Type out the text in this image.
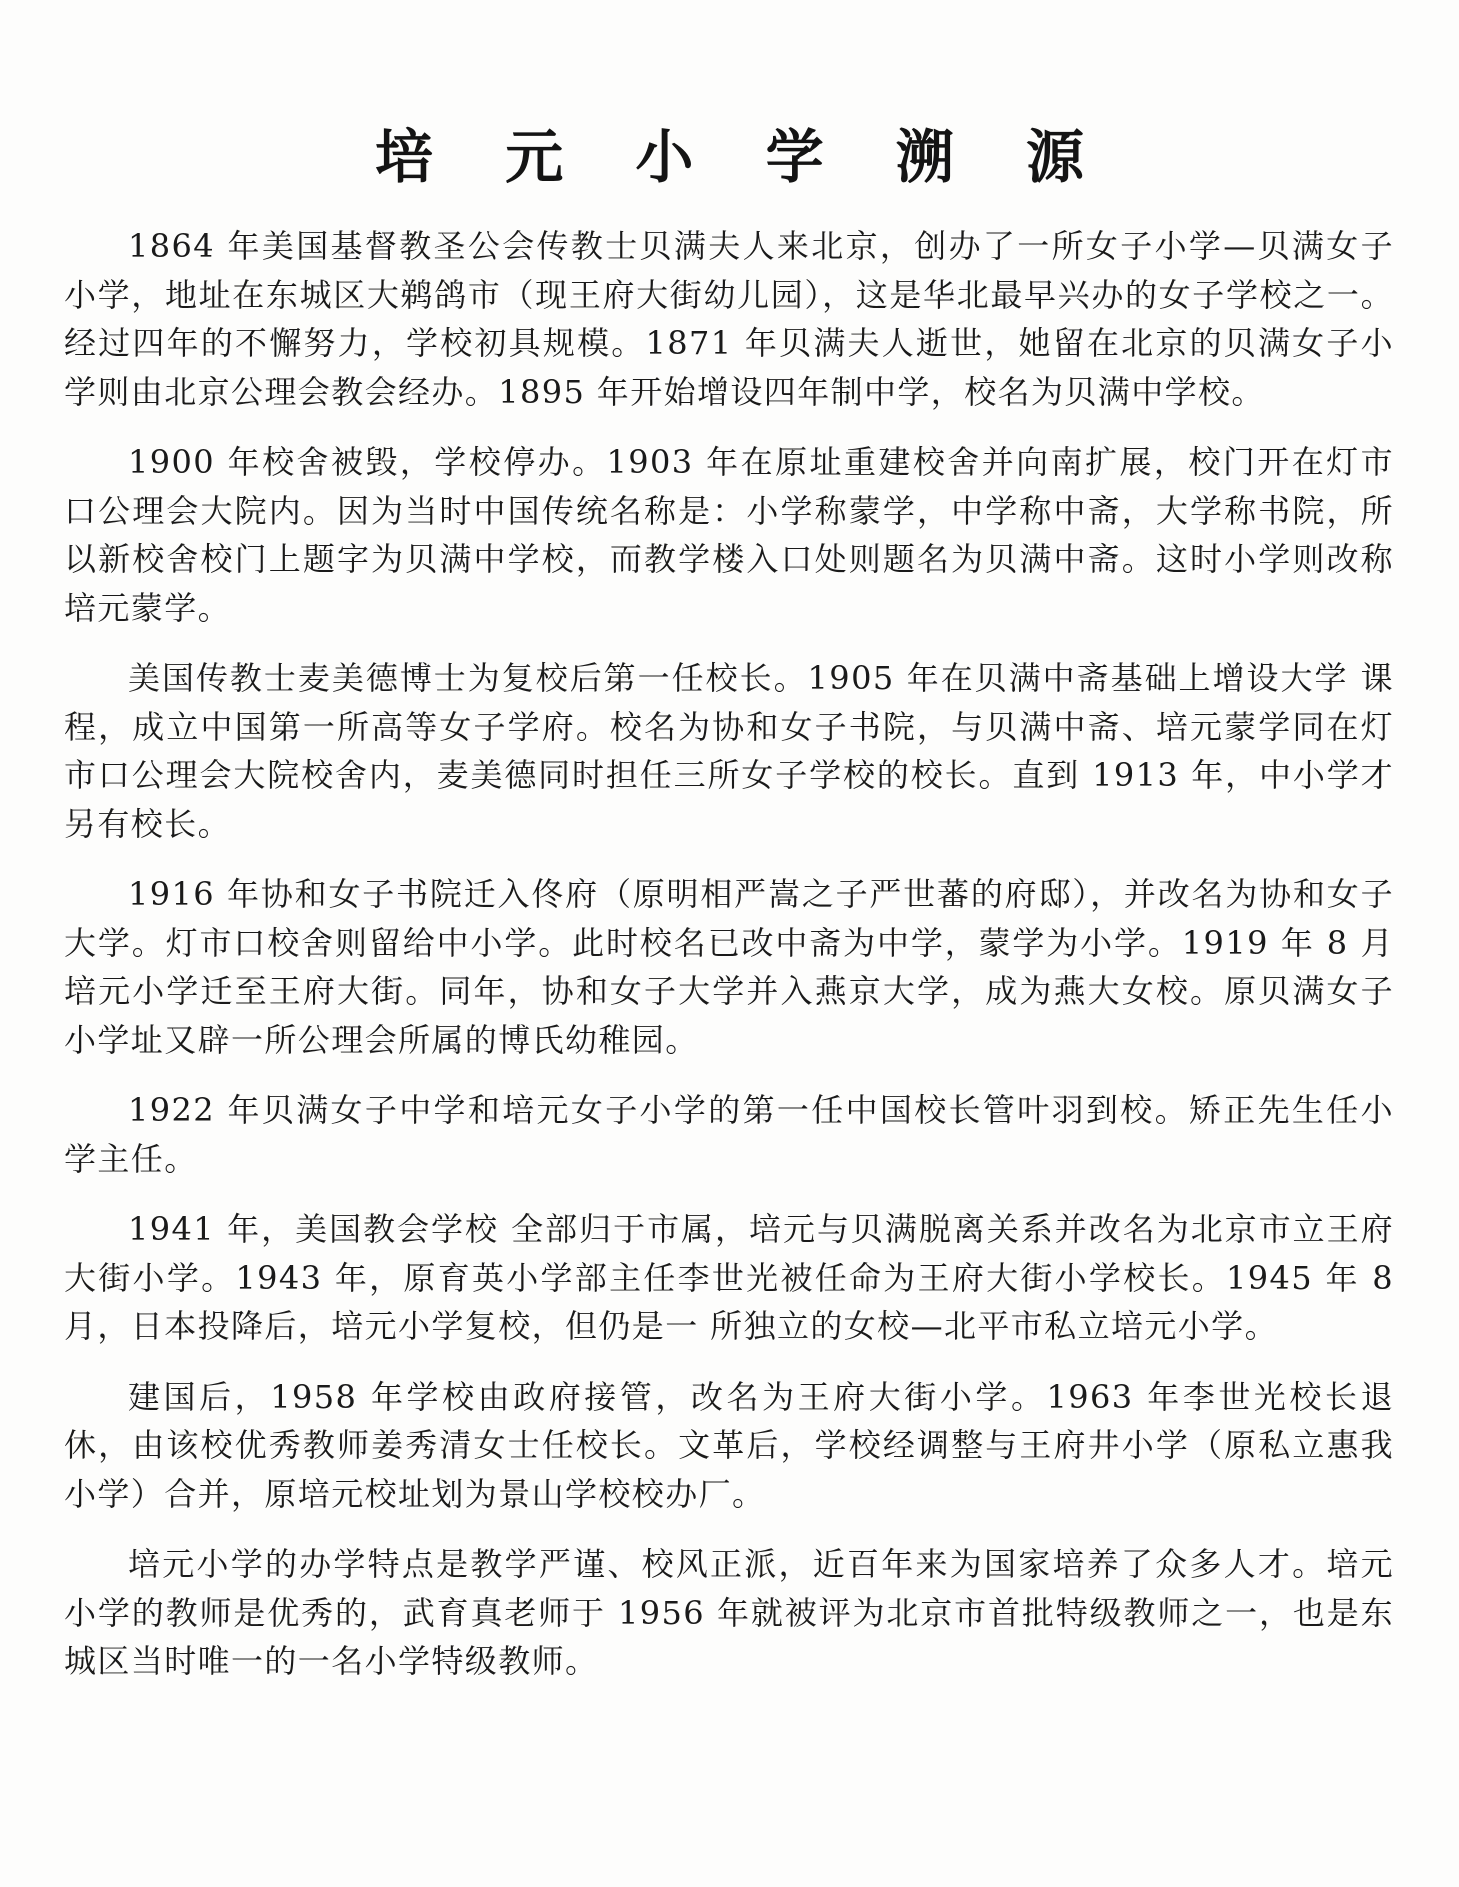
培 元 小 学 溯 源

1864 年美国基督教圣公会传教士贝满夫人来北京，创办了一所女子小学—贝满女子小学，地址在东城区大鹈鸽市（现王府大街幼儿园），这是华北最早兴办的女子学校之一。经过四年的不懈努力，学校初具规模。1871 年贝满夫人逝世，她留在北京的贝满女子小学则由北京公理会教会经办。1895 年开始增设四年制中学，校名为贝满中学校。

1900 年校舍被毁，学校停办。1903 年在原址重建校舍并向南扩展，校门开在灯市口公理会大院内。因为当时中国传统名称是：小学称蒙学，中学称中斋，大学称书院，所以新校舍校门上题字为贝满中学校，而教学楼入口处则题名为贝满中斋。这时小学则改称培元蒙学。

美国传教士麦美德博士为复校后第一任校长。1905 年在贝满中斋基础上增设大学 课程，成立中国第一所高等女子学府。校名为协和女子书院，与贝满中斋、培元蒙学同在灯市口公理会大院校舍内，麦美德同时担任三所女子学校的校长。直到 1913 年，中小学才另有校长。

1916 年协和女子书院迁入佟府（原明相严嵩之子严世蕃的府邸），并改名为协和女子大学。灯市口校舍则留给中小学。此时校名已改中斋为中学，蒙学为小学。1919 年 8 月培元小学迁至王府大街。同年，协和女子大学并入燕京大学，成为燕大女校。原贝满女子小学址又辟一所公理会所属的博氏幼稚园。

1922 年贝满女子中学和培元女子小学的第一任中国校长管叶羽到校。矫正先生任小学主任。

1941 年，美国教会学校 全部归于市属，培元与贝满脱离关系并改名为北京市立王府大街小学。1943 年，原育英小学部主任李世光被任命为王府大街小学校长。1945 年 8 月，日本投降后，培元小学复校，但仍是一 所独立的女校—北平市私立培元小学。

建国后，1958 年学校由政府接管，改名为王府大街小学。1963 年李世光校长退休，由该校优秀教师姜秀清女士任校长。文革后，学校经调整与王府井小学（原私立惠我小学）合并，原培元校址划为景山学校校办厂。

培元小学的办学特点是教学严谨、校风正派，近百年来为国家培养了众多人才。培元小学的教师是优秀的，武育真老师于 1956 年就被评为北京市首批特级教师之一，也是东城区当时唯一的一名小学特级教师。
